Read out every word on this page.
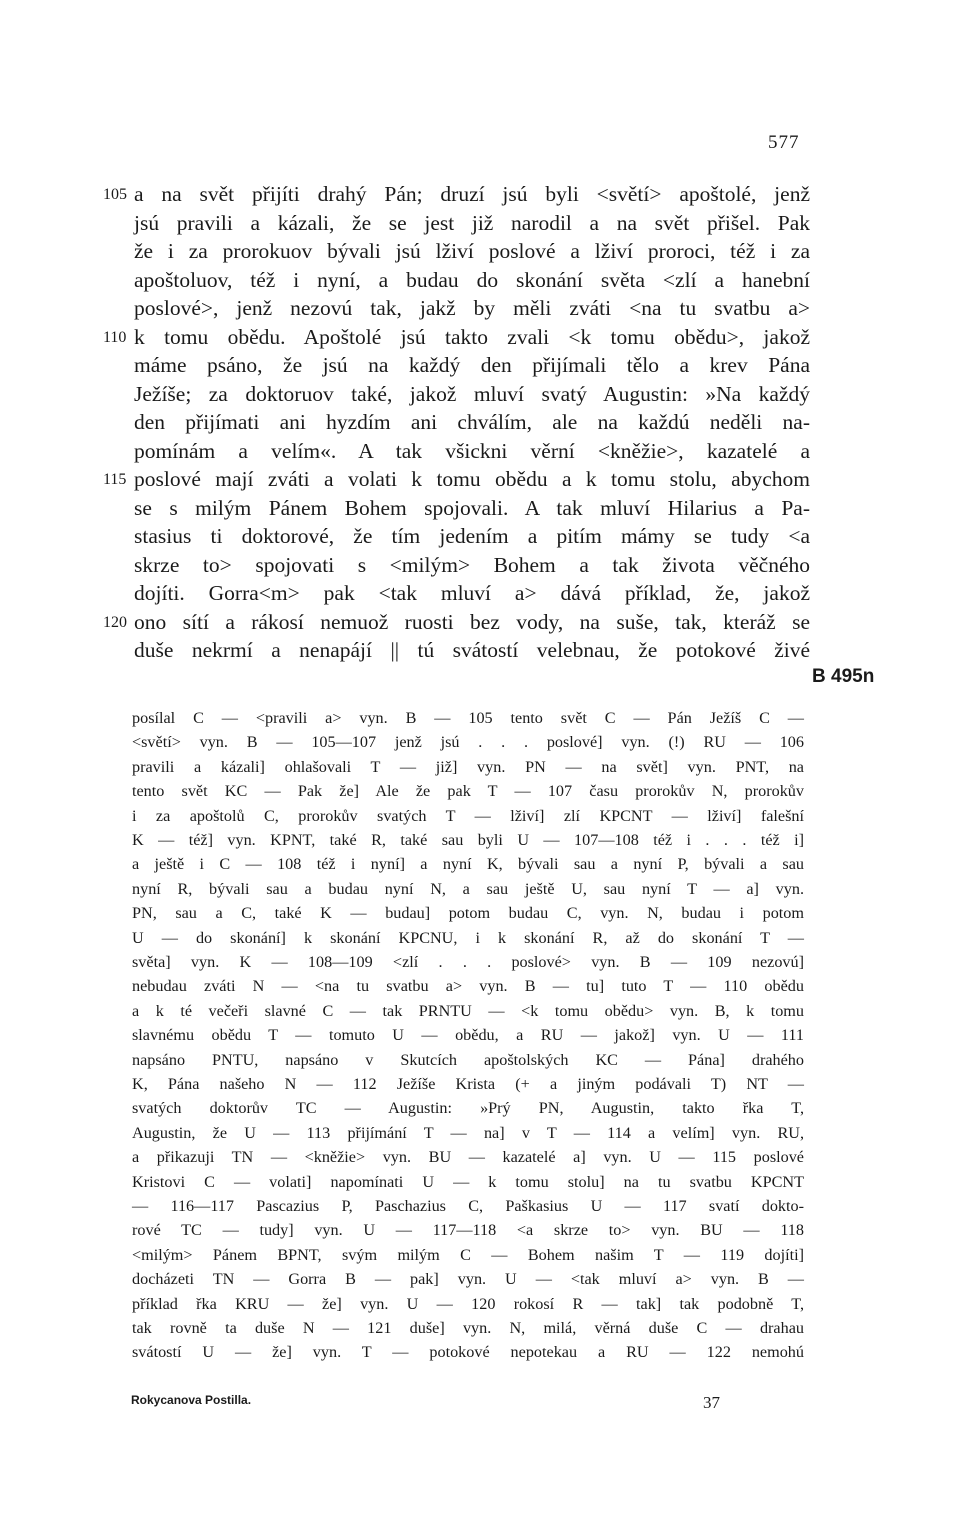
577
105 a na svět přijíti drahý Pán; druzí jsú byli <světí> apoštolé, jenž
jsú pravili a kázali, že se jest již narodil a na svět přišel. Pak
že i za prorokuov bývali jsú lživí poslové a lživí proroci, též i za
apoštoluov, též i nyní, a budau do skonání světa <zlí a hanební
poslové>, jenž nezovú tak, jakž by měli zváti <na tu svatbu a>
110 k tomu obědu. Apoštolé jsú takto zvali <k tomu obědu>, jakož
máme psáno, že jsú na každý den přijímali tělo a krev Pána
Ježíše; za doktoruov také, jakož mluví svatý Augustin: »Na každý
den přijímati ani hyzdím ani chválím, ale na každú neděli na-
pomínám a velím«. A tak všickni věrní <kněžie>, kazatelé a
115 poslové mají zváti a volati k tomu obědu a k tomu stolu, abychom
se s milým Pánem Bohem spojovali. A tak mluví Hilarius a Pa-
stasius ti doktorové, že tím jedením a pitím mámy se tudy <a
skrze to> spojovati s <milým> Bohem a tak života věčného
dojíti. Gorra<m> pak <tak mluví a> dává příklad, že, jakož
120 ono sítí a rákosí nemuož ruosti bez vody, na suše, tak, kteráž se
duše nekrmí a nenapájí || tú svátostí velebnau, že potokové živé
B 495n
posílal C — <pravili a> vyn. B — 105 tento svět C — Pán Ježíš C —
<světí> vyn. B — 105—107 jenž jsú . . . poslové] vyn. (!) RU — 106
pravili a kázali] ohlašovali T — již] vyn. PN — na svět] vyn. PNT, na
tento svět KC — Pak že] Ale že pak T — 107 času prorokův N, prorokův
i za apoštolů C, prorokův svatých T — lživí] zlí KPCNT — lživí] falešní
K — též] vyn. KPNT, také R, také sau byli U — 107—108 též i . . . též i]
a ještě i C — 108 též i nyní] a nyní K, bývali sau a nyní P, bývali a sau
nyní R, bývali sau a budau nyní N, a sau ještě U, sau nyní T — a] vyn.
PN, sau a C, také K — budau] potom budau C, vyn. N, budau i potom
U — do skonání] k skonání KPCNU, i k skonání R, až do skonání T —
světa] vyn. K — 108—109 <zlí . . . poslové> vyn. B — 109 nezovú]
nebudau zváti N — <na tu svatbu a> vyn. B — tu] tuto T — 110 obědu
a k té večeři slavné C — tak PRNTU — <k tomu obědu> vyn. B, k tomu
slavnému obědu T — tomuto U — obědu, a RU — jakož] vyn. U — 111
napsáno PNTU, napsáno v Skutcích apoštolských KC — Pána] drahého
K, Pána našeho N — 112 Ježíše Krista (+ a jiným podávali T) NT —
svatých doktorův TC — Augustin: »Prý PN, Augustin, takto řka T,
Augustin, že U — 113 přijímání T — na] v T — 114 a velím] vyn. RU,
a přikazuji TN — <kněžie> vyn. BU — kazatelé a] vyn. U — 115 poslové
Kristovi C — volati] napomínati U — k tomu stolu] na tu svatbu KPCNT
— 116—117 Pascazius P, Paschazius C, Paškasius U — 117 svatí dokto-
rové TC — tudy] vyn. U — 117—118 <a skrze to> vyn. BU — 118
<milým> Pánem BPNT, svým milým C — Bohem našim T — 119 dojíti]
docházeti TN — Gorra B — pak] vyn. U — <tak mluví a> vyn. B —
příklad řka KRU — že] vyn. U — 120 rokosí R — tak] tak podobně T,
tak rovně ta duše N — 121 duše] vyn. N, milá, věrná duše C — drahau
svátostí U — že] vyn. T — potokové nepotekau a RU — 122 nemohú
Rokycanova Postilla.	37
